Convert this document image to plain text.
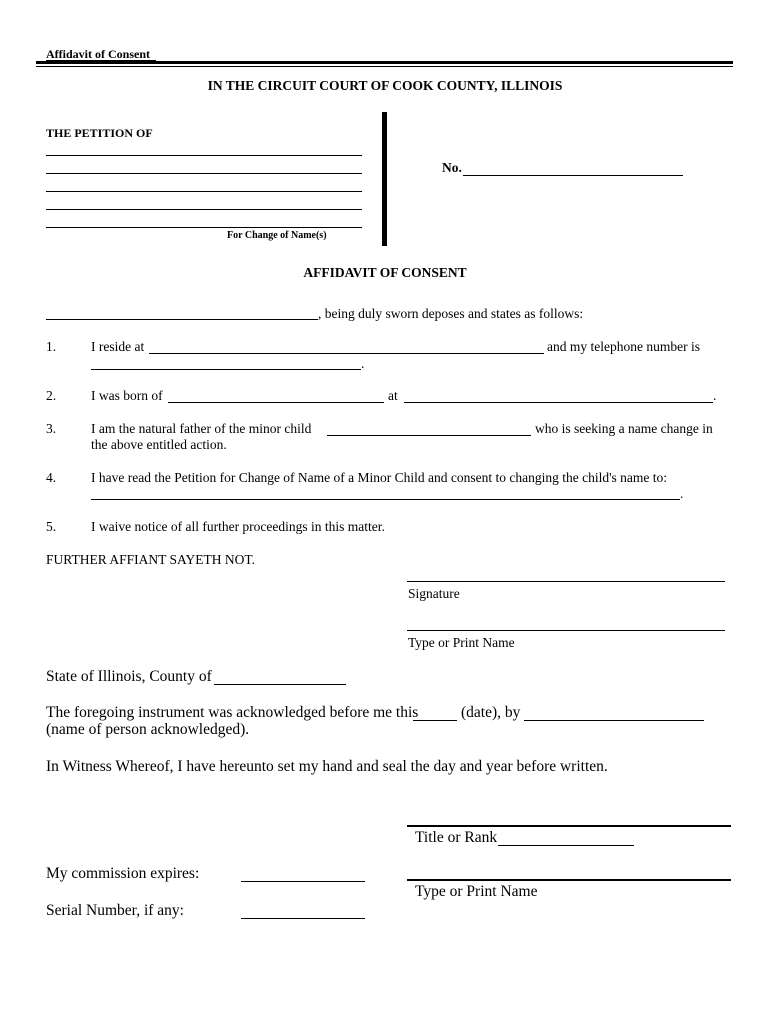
Affidavit of Consent
IN THE CIRCUIT COURT OF COOK COUNTY, ILLINOIS
THE PETITION OF
For Change of Name(s)
No.
AFFIDAVIT OF CONSENT
, being duly sworn deposes and states as follows:
1.	I reside at	and my telephone number is
.
2.	I was born of	at	.
3.	I am the natural father of the minor child	who is seeking a name change in
the above entitled action.
4.	I have read the Petition for Change of Name of a Minor Child and consent to changing the child's name to:
.
5.	I waive notice of all further proceedings in this matter.
FURTHER AFFIANT SAYETH NOT.
Signature
Type or Print Name
State of Illinois, County of
The foregoing instrument was acknowledged before me this	(date), by
(name of person acknowledged).
In Witness Whereof, I have hereunto set my hand and seal the day and year before written.
Title or Rank
My commission expires:
Type or Print Name
Serial Number, if any:
